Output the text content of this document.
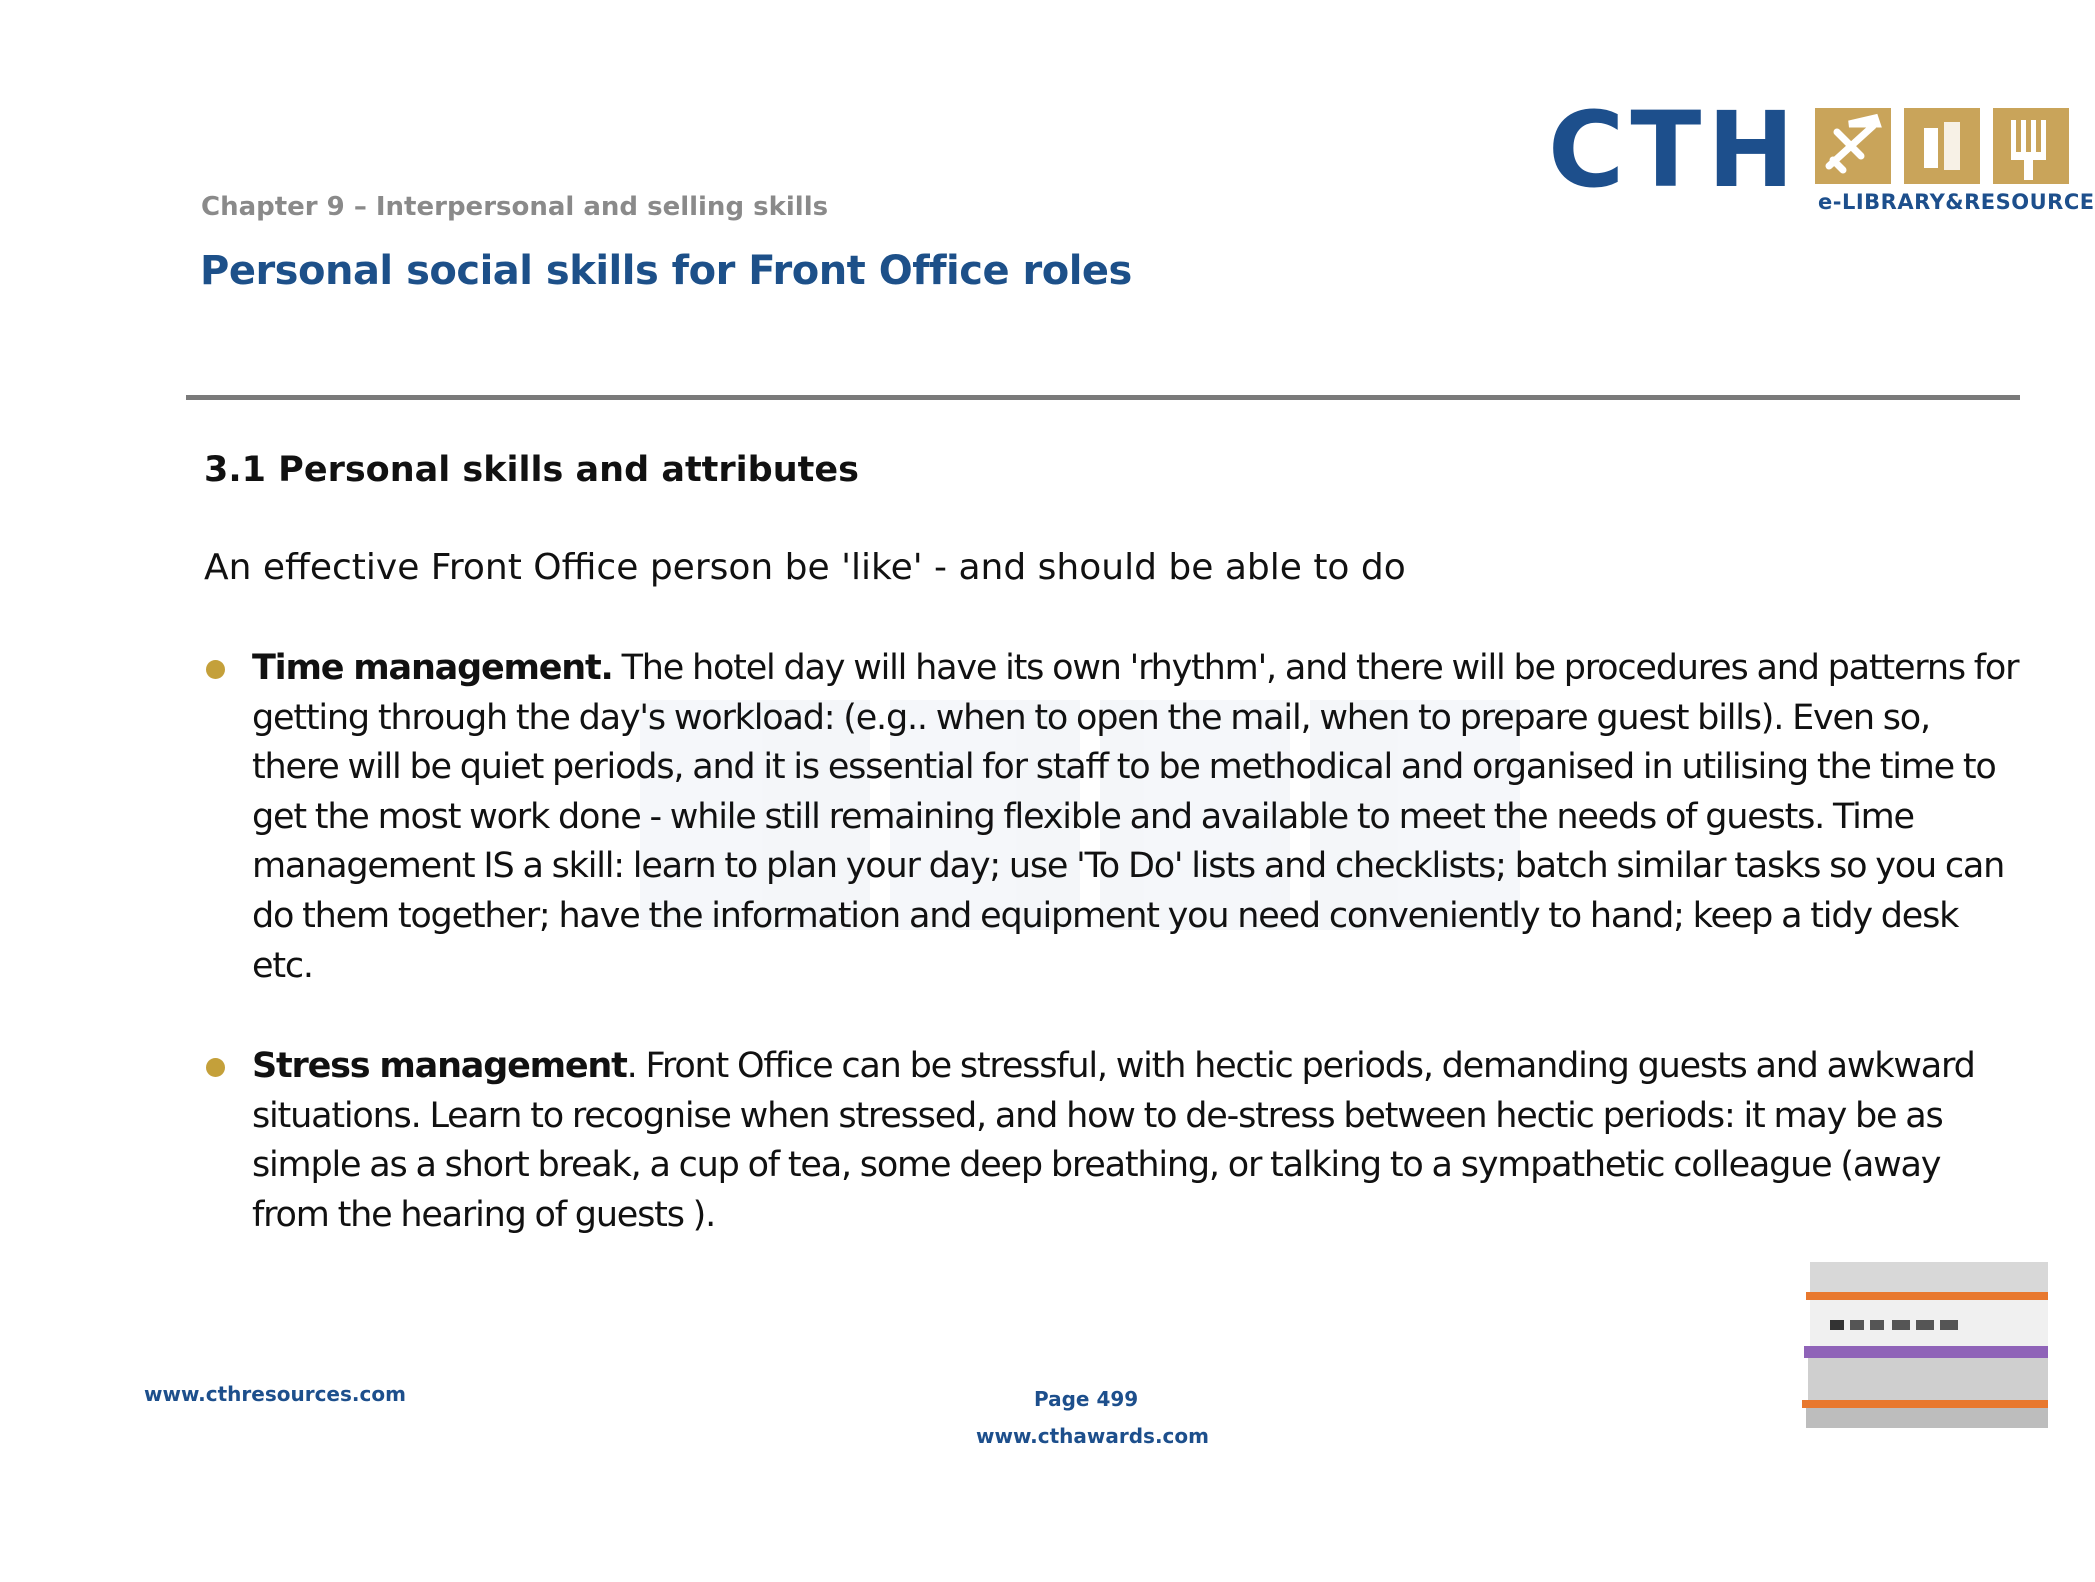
CTH e-LIBRARY&RESOURCE
Chapter 9 – Interpersonal and selling skills
Personal social skills for Front Office roles
3.1 Personal skills and attributes
An effective Front Office person be 'like' - and should be able to do
Time management. The hotel day will have its own 'rhythm', and there will be procedures and patterns for getting through the day's workload: (e.g.. when to open the mail, when to prepare guest bills). Even so, there will be quiet periods, and it is essential for staff to be methodical and organised in utilising the time to get the most work done - while still remaining flexible and available to meet the needs of guests. Time management IS a skill: learn to plan your day; use 'To Do' lists and checklists; batch similar tasks so you can do them together; have the information and equipment you need conveniently to hand; keep a tidy desk etc.
Stress management. Front Office can be stressful, with hectic periods, demanding guests and awkward situations. Learn to recognise when stressed, and how to de-stress between hectic periods: it may be as simple as a short break, a cup of tea, some deep breathing, or talking to a sympathetic colleague (away from the hearing of guests ).
www.cthresources.com	Page 499
www.cthawards.com
